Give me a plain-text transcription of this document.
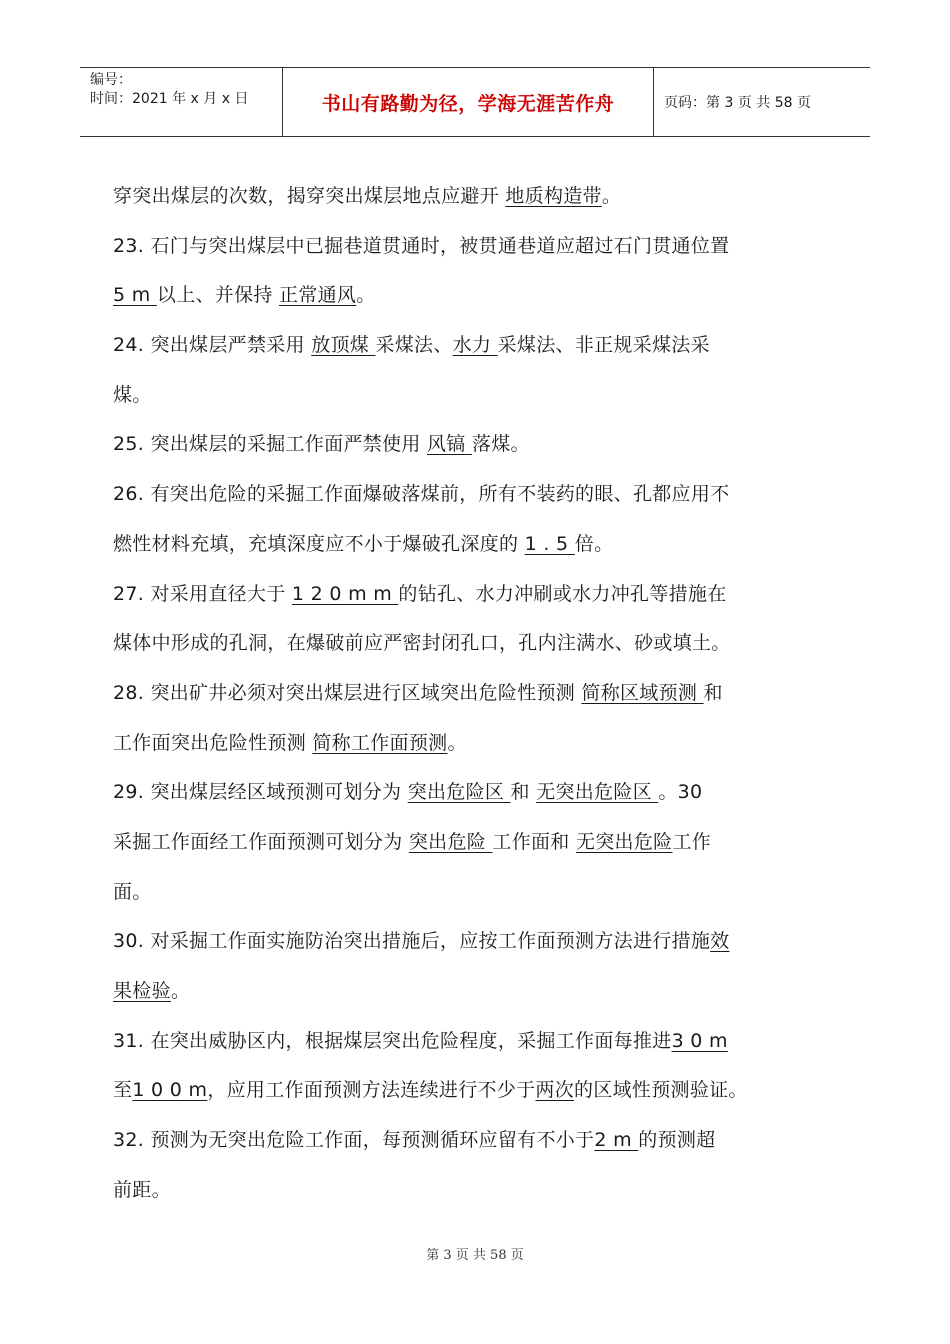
编号：
时间：2021 年 x 月 x 日	书山有路勤为径，学海无涯苦作舟	页码：第 3 页 共 58 页
穿突出煤层的次数，揭穿突出煤层地点应避开 地质构造带。
23. 石门与突出煤层中已掘巷道贯通时，被贯通巷道应超过石门贯通位置
5 m 以上、并保持 正常通风。
24. 突出煤层严禁采用 放顶煤 采煤法、水力 采煤法、非正规采煤法采
煤。
25. 突出煤层的采掘工作面严禁使用 风镐 落煤。
26. 有突出危险的采掘工作面爆破落煤前，所有不装药的眼、孔都应用不
燃性材料充填，充填深度应不小于爆破孔深度的 1 . 5 倍。
27. 对采用直径大于 1 2 0 m m 的钻孔、水力冲刷或水力冲孔等措施在
煤体中形成的孔洞，在爆破前应严密封闭孔口，孔内注满水、砂或填土。
28. 突出矿井必须对突出煤层进行区域突出危险性预测 简称区域预测 和
工作面突出危险性预测 简称工作面预测。
29. 突出煤层经区域预测可划分为 突出危险区 和 无突出危险区 。30
采掘工作面经工作面预测可划分为 突出危险 工作面和 无突出危险工作
面。
30. 对采掘工作面实施防治突出措施后，应按工作面预测方法进行措施效
果检验。
31. 在突出威胁区内，根据煤层突出危险程度，采掘工作面每推进3 0 m
至1 0 0 m，应用工作面预测方法连续进行不少于两次的区域性预测验证。
32. 预测为无突出危险工作面，每预测循环应留有不小于2 m 的预测超
前距。
第 3 页 共 58 页
